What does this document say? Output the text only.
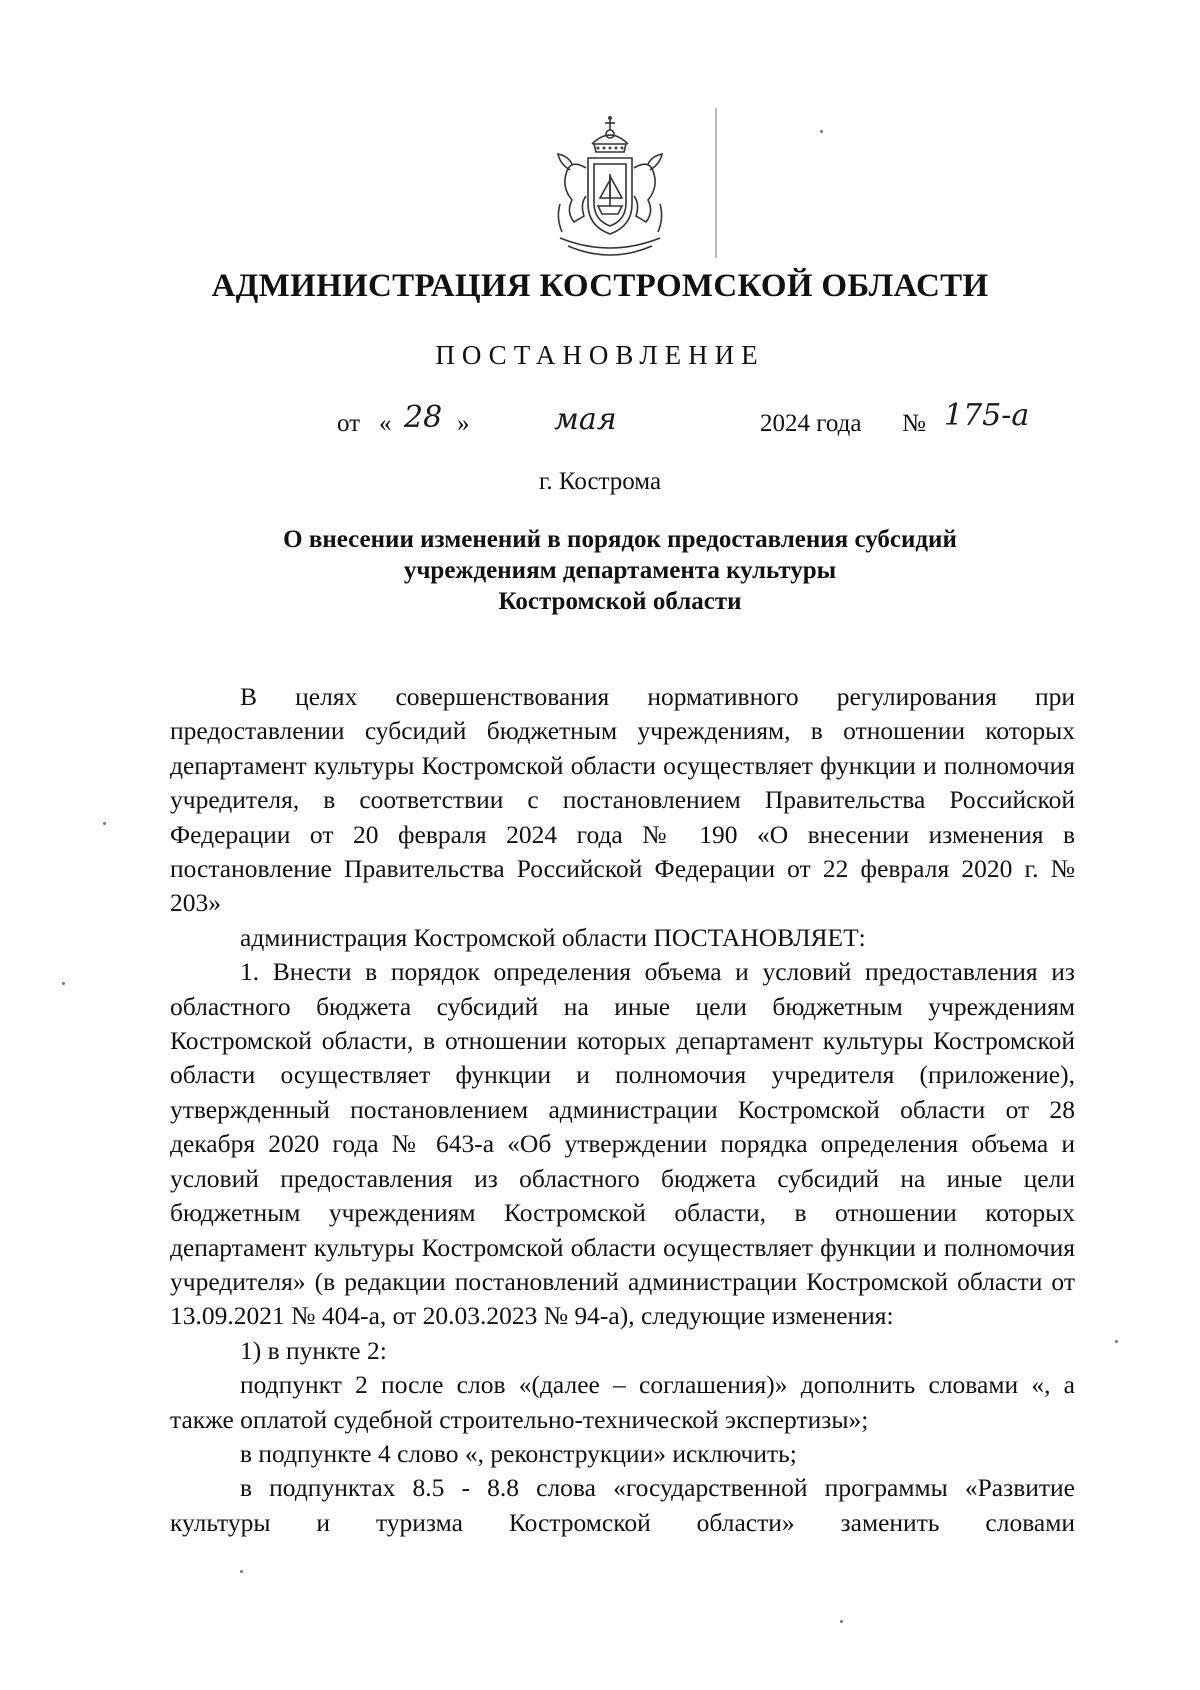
АДМИНИСТРАЦИЯ КОСТРОМСКОЙ ОБЛАСТИ
ПОСТАНОВЛЕНИЕ
от « 28 »	мая	2024 года № 175-а
г. Кострома
О внесении изменений в порядок предоставления субсидий
учреждениям департамента культуры
Костромской области

В целях совершенствования нормативного регулирования при предоставлении субсидий бюджетным учреждениям, в отношении которых департамент культуры Костромской области осуществляет функции и полномочия учредителя, в соответствии с постановлением Правительства Российской Федерации от 20 февраля 2024 года № 190 «О внесении изменения в постановление Правительства Российской Федерации от 22 февраля 2020 г. № 203»

администрация Костромской области ПОСТАНОВЛЯЕТ:

1. Внести в порядок определения объема и условий предоставления из областного бюджета субсидий на иные цели бюджетным учреждениям Костромской области, в отношении которых департамент культуры Костромской области осуществляет функции и полномочия учредителя (приложение), утвержденный постановлением администрации Костромской области от 28 декабря 2020 года № 643-а «Об утверждении порядка определения объема и условий предоставления из областного бюджета субсидий на иные цели бюджетным учреждениям Костромской области, в отношении которых департамент культуры Костромской области осуществляет функции и полномочия учредителя» (в редакции постановлений администрации Костромской области от 13.09.2021 № 404-а, от 20.03.2023 № 94-а), следующие изменения:

1) в пункте 2:

подпункт 2 после слов «(далее – соглашения)» дополнить словами «, а также оплатой судебной строительно-технической экспертизы»;

в подпункте 4 слово «, реконструкции» исключить;

в подпунктах 8.5 - 8.8 слова «государственной программы «Развитие культуры и туризма Костромской области» заменить словами
